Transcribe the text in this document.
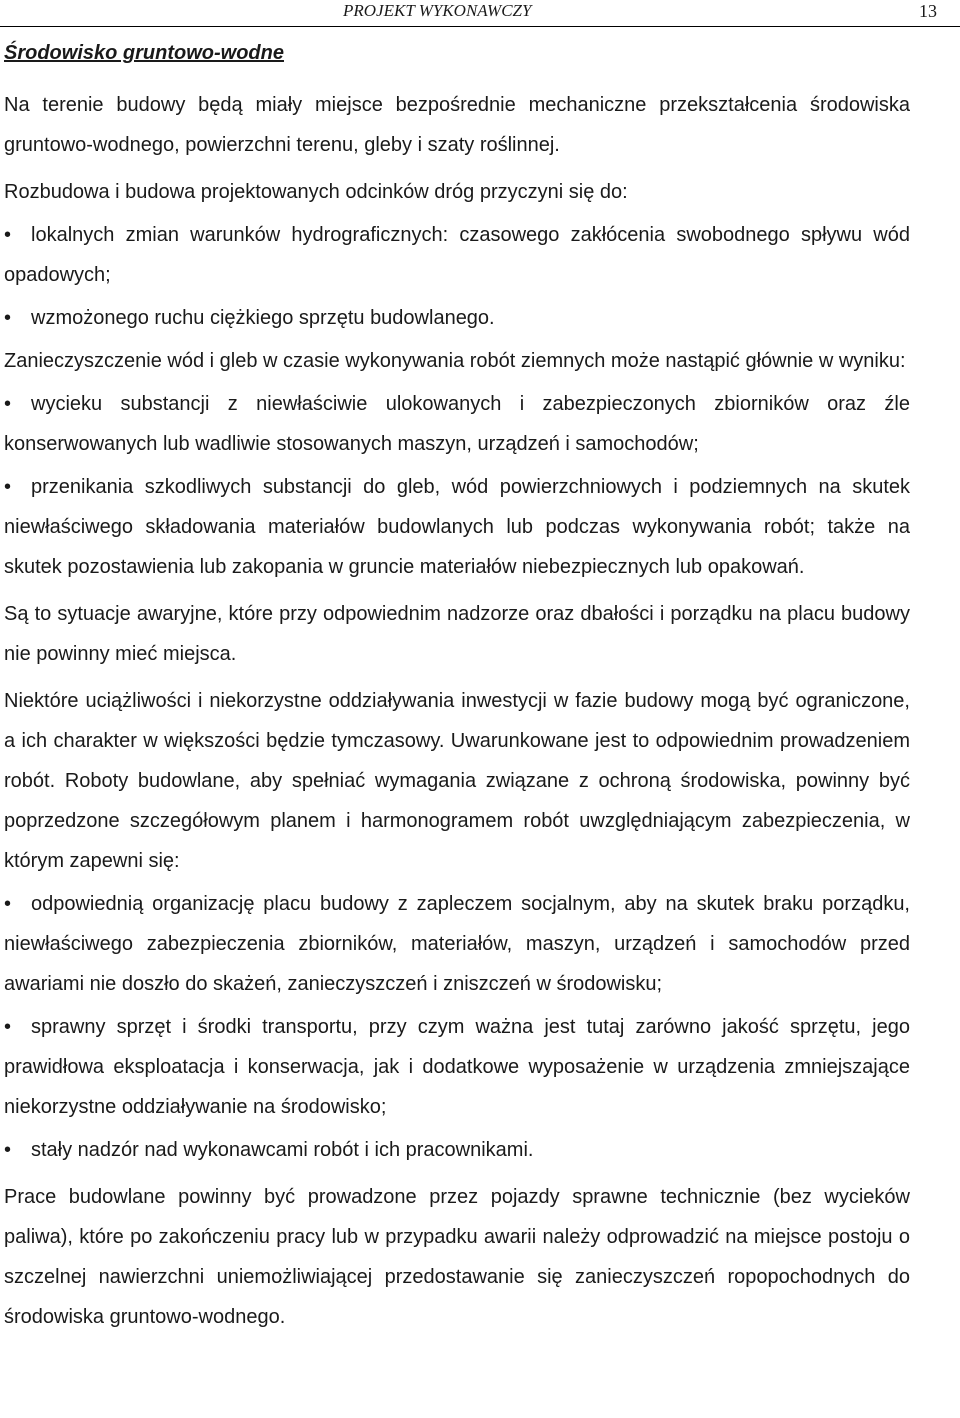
PROJEKT WYKONAWCZY	13
Środowisko gruntowo-wodne

Na terenie budowy będą miały miejsce bezpośrednie mechaniczne przekształcenia środowiska gruntowo-wodnego, powierzchni terenu, gleby i szaty roślinnej.

Rozbudowa i budowa projektowanych odcinków dróg przyczyni się do:

• lokalnych zmian warunków hydrograficznych: czasowego zakłócenia swobodnego spływu wód opadowych;

• wzmożonego ruchu ciężkiego sprzętu budowlanego.

Zanieczyszczenie wód i gleb w czasie wykonywania robót ziemnych może nastąpić głównie w wyniku:

• wycieku substancji z niewłaściwie ulokowanych i zabezpieczonych zbiorników oraz źle konserwowanych lub wadliwie stosowanych maszyn, urządzeń i samochodów;

• przenikania szkodliwych substancji do gleb, wód powierzchniowych i podziemnych na skutek niewłaściwego składowania materiałów budowlanych lub podczas wykonywania robót; także na skutek pozostawienia lub zakopania w gruncie materiałów niebezpiecznych lub opakowań.

Są to sytuacje awaryjne, które przy odpowiednim nadzorze oraz dbałości i porządku na placu budowy nie powinny mieć miejsca.

Niektóre uciążliwości i niekorzystne oddziaływania inwestycji w fazie budowy mogą być ograniczone, a ich charakter w większości będzie tymczasowy. Uwarunkowane jest to odpowiednim prowadzeniem robót. Roboty budowlane, aby spełniać wymagania związane z ochroną środowiska, powinny być poprzedzone szczegółowym planem i harmonogramem robót uwzględniającym zabezpieczenia, w którym zapewni się:

• odpowiednią organizację placu budowy z zapleczem socjalnym, aby na skutek braku porządku, niewłaściwego zabezpieczenia zbiorników, materiałów, maszyn, urządzeń i samochodów przed awariami nie doszło do skażeń, zanieczyszczeń i zniszczeń w środowisku;

• sprawny sprzęt i środki transportu, przy czym ważna jest tutaj zarówno jakość sprzętu, jego prawidłowa eksploatacja i konserwacja, jak i dodatkowe wyposażenie w urządzenia zmniejszające niekorzystne oddziaływanie na środowisko;

• stały nadzór nad wykonawcami robót i ich pracownikami.

Prace budowlane powinny być prowadzone przez pojazdy sprawne technicznie (bez wycieków paliwa), które po zakończeniu pracy lub w przypadku awarii należy odprowadzić na miejsce postoju o szczelnej nawierzchni uniemożliwiającej przedostawanie się zanieczyszczeń ropopochodnych do środowiska gruntowo-wodnego.
